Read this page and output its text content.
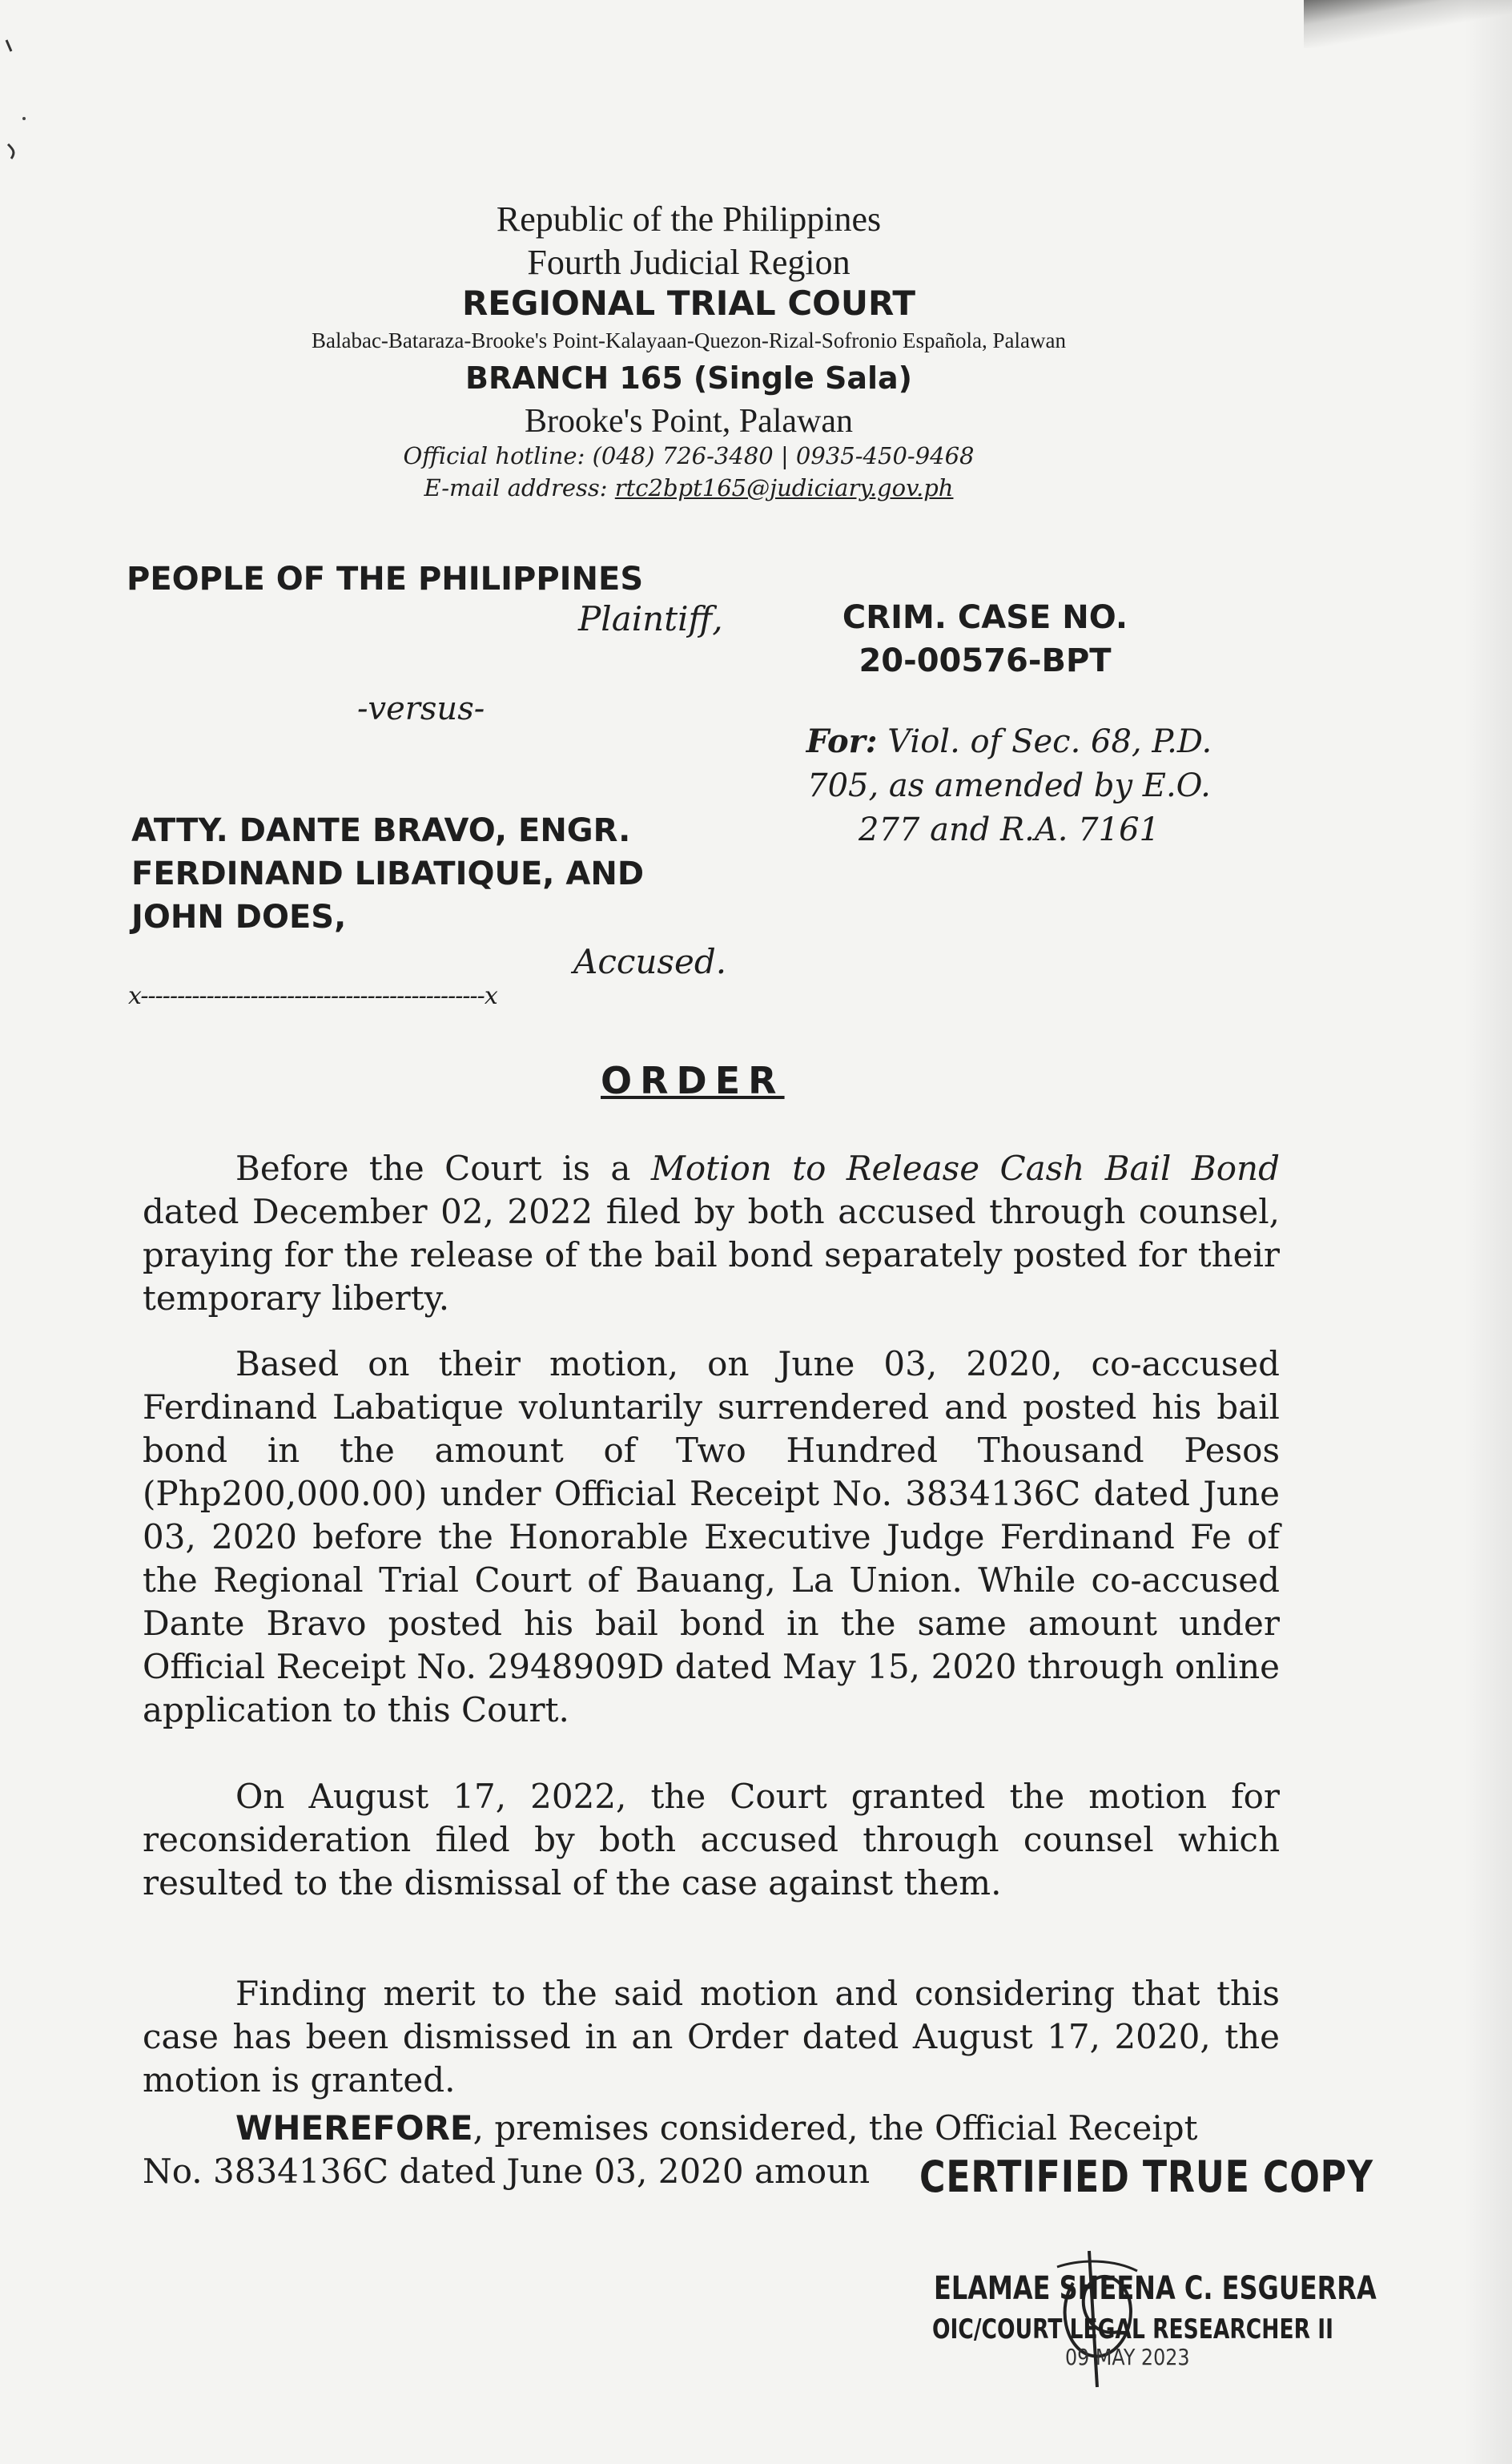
Republic of the Philippines
Fourth Judicial Region
REGIONAL TRIAL COURT
Balabac-Bataraza-Brooke's Point-Kalayaan-Quezon-Rizal-Sofronio Española, Palawan
BRANCH 165 (Single Sala)
Brooke's Point, Palawan
Official hotline: (048) 726-3480 | 0935-450-9468
E-mail address: rtc2bpt165@judiciary.gov.ph
PEOPLE OF THE PHILIPPINES
Plaintiff,
-versus-
ATTY. DANTE BRAVO, ENGR.
FERDINAND LIBATIQUE, AND
JOHN DOES,
Accused.
x-----------------------------------------------x
CRIM. CASE NO.
20-00576-BPT
For: Viol. of Sec. 68, P.D.
705, as amended by E.O.
277 and R.A. 7161
ORDER

Before the Court is a Motion to Release Cash Bail Bond dated December 02, 2022 filed by both accused through counsel, praying for the release of the bail bond separately posted for their temporary liberty.

Based on their motion, on June 03, 2020, co-accused Ferdinand Labatique voluntarily surrendered and posted his bail bond in the amount of Two Hundred Thousand Pesos (Php200,000.00) under Official Receipt No. 3834136C dated June 03, 2020 before the Honorable Executive Judge Ferdinand Fe of the Regional Trial Court of Bauang, La Union. While co-accused Dante Bravo posted his bail bond in the same amount under Official Receipt No. 2948909D dated May 15, 2020 through online application to this Court.

On August 17, 2022, the Court granted the motion for reconsideration filed by both accused through counsel which resulted to the dismissal of the case against them.

Finding merit to the said motion and considering that this case has been dismissed in an Order dated August 17, 2020, the motion is granted.

WHEREFORE, premises considered, the Official Receipt

No. 3834136C dated June 03, 2020 amoun	CERTIFIED TRUE COPY
ELAMAE SHEENA C. ESGUERRA
OIC/COURT LEGAL RESEARCHER II
09 MAY 2023
